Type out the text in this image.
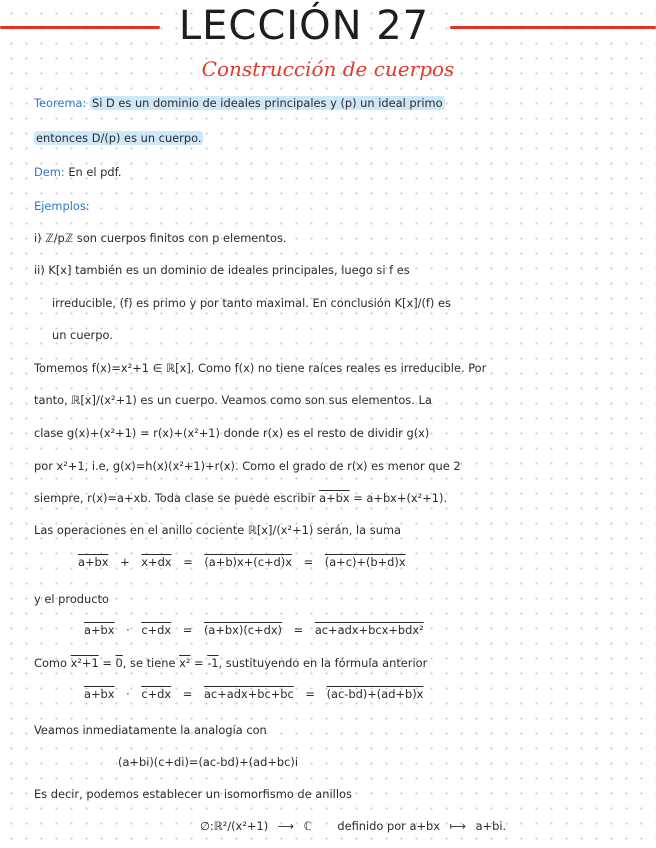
LECCIÓN 27
Construcción de cuerpos
Teorema: Si D es un dominio de ideales principales y (p) un ideal primo
entonces D/(p) es un cuerpo.
Dem: En el pdf.
Ejemplos:
i) ℤ/pℤ son cuerpos finitos con p elementos.
ii) K[x] también es un dominio de ideales principales, luego si f es
irreducible, (f) es primo y por tanto maximal. En conclusión K[x]/(f) es
un cuerpo.
Tomemos f(x)=x²+1 ∈ ℝ[x]. Como f(x) no tiene raíces reales es irreducible. Por
tanto, ℝ[x]/(x²+1) es un cuerpo. Veamos como son sus elementos. La
clase g(x)+(x²+1) = r(x)+(x²+1) donde r(x) es el resto de dividir g(x)
por x²+1, i.e, g(x)=h(x)(x²+1)+r(x). Como el grado de r(x) es menor que 2
siempre, r(x)=a+xb. Toda clase se puede escribir a+bx = a+bx+(x²+1).
Las operaciones en el anillo cociente ℝ[x]/(x²+1) serán, la suma
a+bx + x+dx = (a+b)x+(c+d)x = (a+c)+(b+d)x
y el producto
a+bx · c+dx = (a+bx)(c+dx) = ac+adx+bcx+bdx²
Como x²+1 = 0, se tiene x² = -1, sustituyendo en la fórmula anterior
a+bx · c+dx = ac+adx+bc+bc = (ac-bd)+(ad+b)x
Veamos inmediatamente la analogía con
(a+bi)(c+di)=(ac-bd)+(ad+bc)i
Es decir, podemos establecer un isomorfismo de anillos
∅:ℝ²/(x²+1) ⟶ ℂ definido por a+bx ⟼ a+bi.
